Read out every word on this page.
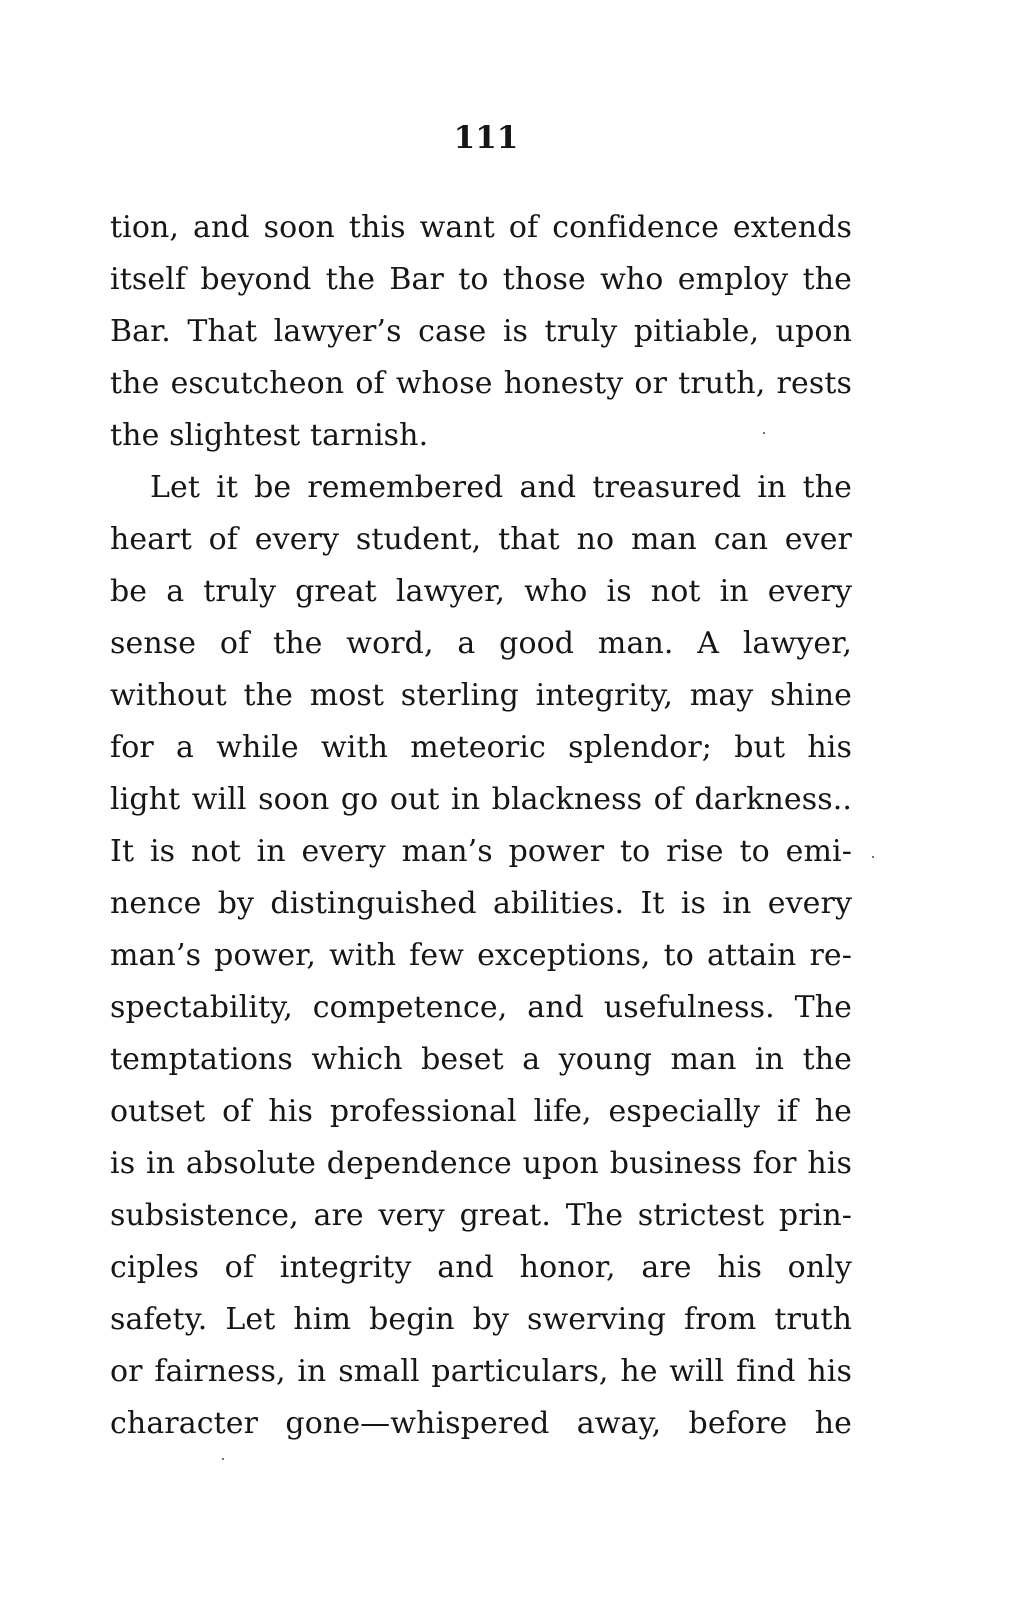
111
tion, and soon this want of confidence extends
itself beyond the Bar to those who employ the
Bar. That lawyer’s case is truly pitiable, upon
the escutcheon of whose honesty or truth, rests
the slightest tarnish.
Let it be remembered and treasured in the
heart of every student, that no man can ever
be a truly great lawyer, who is not in every
sense of the word, a good man. A lawyer,
without the most sterling integrity, may shine
for a while with meteoric splendor; but his
light will soon go out in blackness of darkness..
It is not in every man’s power to rise to emi-
nence by distinguished abilities. It is in every
man’s power, with few exceptions, to attain re-
spectability, competence, and usefulness. The
temptations which beset a young man in the
outset of his professional life, especially if he
is in absolute dependence upon business for his
subsistence, are very great. The strictest prin-
ciples of integrity and honor, are his only
safety. Let him begin by swerving from truth
or fairness, in small particulars, he will find his
character gone—whispered away, before he
